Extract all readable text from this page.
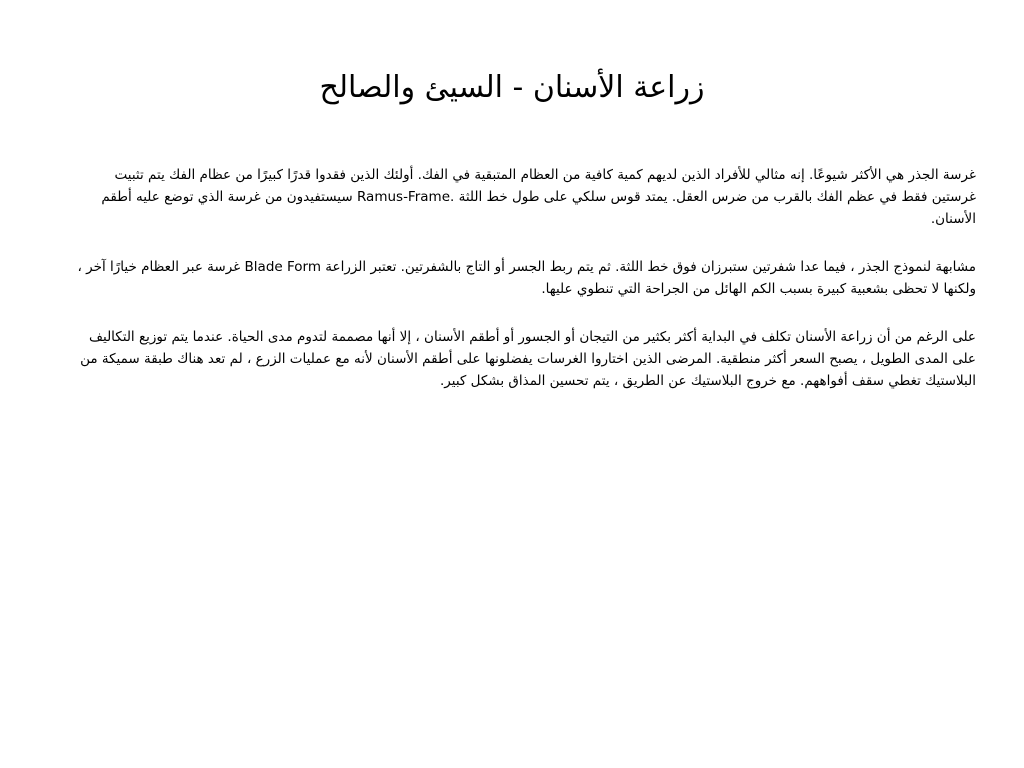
زراعة الأسنان - السيئ والصالح

غرسة الجذر هي الأكثر شيوعًا. إنه مثالي للأفراد الذين لديهم كمية كافية من العظام المتبقية في الفك. أولئك الذين فقدوا قدرًا كبيرًا من عظام الفك يتم تثبيت غرستين فقط في عظم الفك بالقرب من ضرس العقل. يمتد قوس سلكي على طول خط اللثة .Ramus-Frame سيستفيدون من غرسة الذي توضع عليه أطقم الأسنان.

مشابهة لنموذج الجذر ، فيما عدا شفرتين ستبرزان فوق خط اللثة. ثم يتم ربط الجسر أو التاج بالشفرتين. تعتبر الزراعة Blade Form غرسة عبر العظام خيارًا آخر ، ولكنها لا تحظى بشعبية كبيرة بسبب الكم الهائل من الجراحة التي تنطوي عليها.

على الرغم من أن زراعة الأسنان تكلف في البداية أكثر بكثير من التيجان أو الجسور أو أطقم الأسنان ، إلا أنها مصممة لتدوم مدى الحياة. عندما يتم توزيع التكاليف على المدى الطويل ، يصبح السعر أكثر منطقية. المرضى الذين اختاروا الغرسات يفضلونها على أطقم الأسنان لأنه مع عمليات الزرع ، لم تعد هناك طبقة سميكة من البلاستيك تغطي سقف أفواههم. مع خروج البلاستيك عن الطريق ، يتم تحسين المذاق بشكل كبير.
